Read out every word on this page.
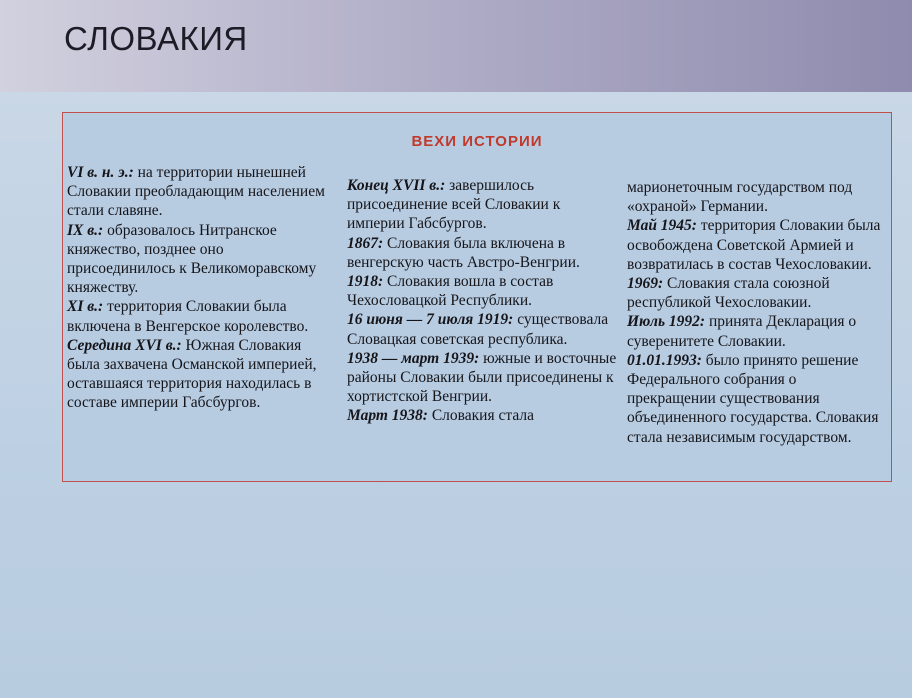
СЛОВАКИЯ
ВЕХИ ИСТОРИИ

VI в. н. э.: на территории нынешней Словакии преобладающим населением стали славяне.

IX в.: образовалось Нитранское княжество, позднее оно присоединилось к Великоморавскому княжеству.

XI в.: территория Словакии была включена в Венгерское королевство.

Середина XVI в.: Южная Словакия была захвачена Османской империей, оставшаяся территория находилась в составе империи Габсбургов.

Конец XVII в.: завершилось присоединение всей Словакии к империи Габсбургов.

1867: Словакия была включена в венгерскую часть Австро-Венгрии.

1918: Словакия вошла в состав Чехословацкой Республики.

16 июня — 7 июля 1919: существовала Словацкая советская республика.

1938 — март 1939: южные и восточные районы Словакии были присоединены к хортистской Венгрии.

Март 1938: Словакия стала

марионеточным государством под «охраной» Германии.

Май 1945: территория Словакии была освобождена Советской Армией и возвратилась в состав Чехословакии.

1969: Словакия стала союзной республикой Чехословакии.

Июль 1992: принята Декларация о суверенитете Словакии.

01.01.1993: было принято решение Федерального собрания о прекращении существования объединенного государства. Словакия стала независимым государством.
